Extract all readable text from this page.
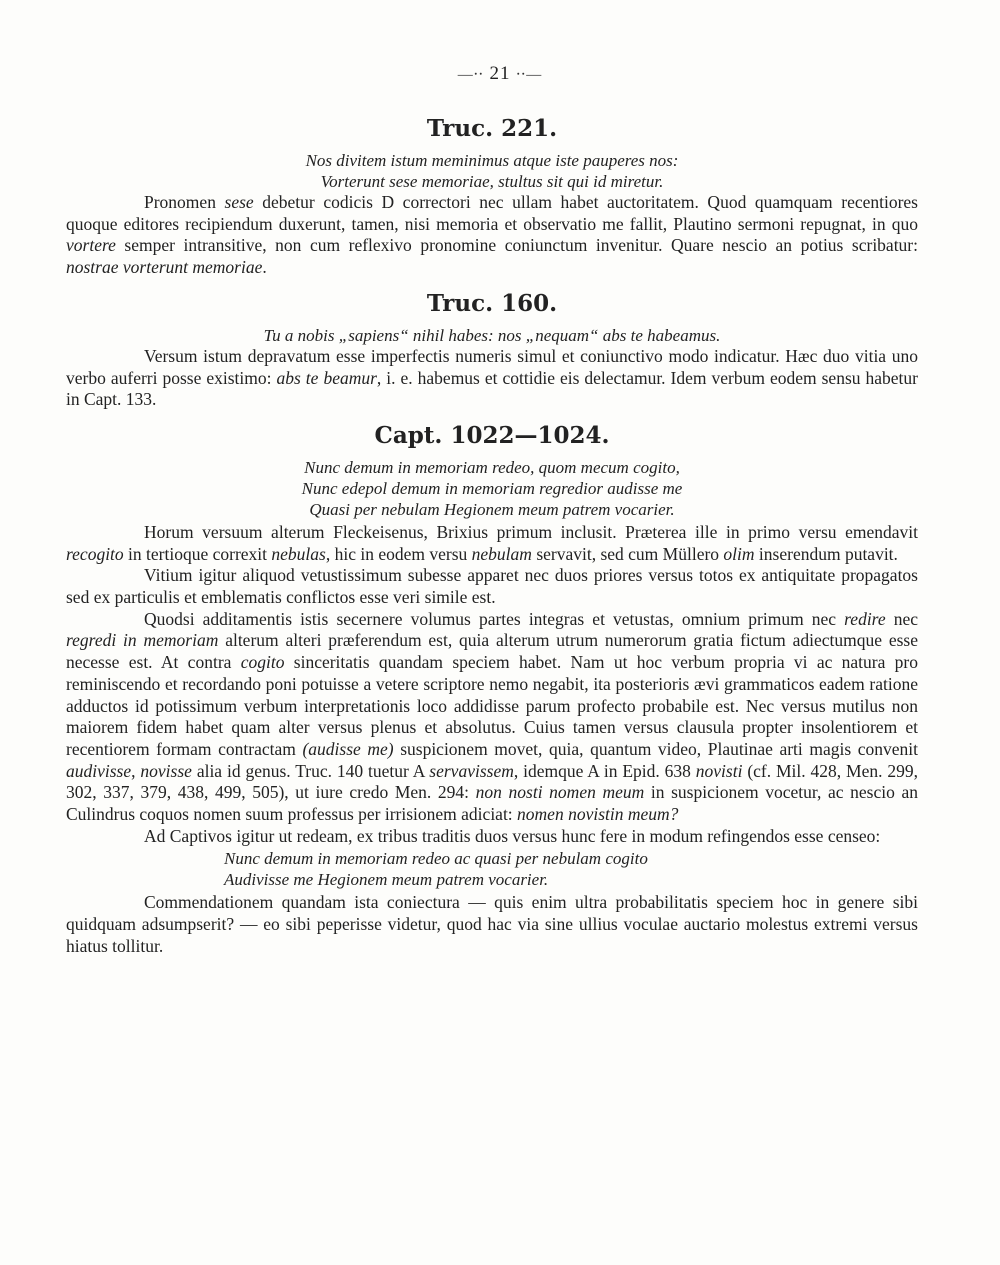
—⸱⸱ 21 ⸱⸱—
Truc. 221.
Nos divitem istum meminimus atque iste pauperes nos:
Vorterunt sese memoriae, stultus sit qui id miretur.

Pronomen sese debetur codicis D correctori nec ullam habet auctoritatem. Quod quamquam recentiores quoque editores recipiendum duxerunt, tamen, nisi memoria et observatio me fallit, Plautino sermoni repugnat, in quo vortere semper intransitive, non cum reflexivo pronomine coniunctum invenitur. Quare nescio an potius scribatur: nostrae vorterunt memoriae.

Truc. 160.
Tu a nobis „sapiens“ nihil habes: nos „nequam“ abs te habeamus.

Versum istum depravatum esse imperfectis numeris simul et coniunctivo modo indicatur. Hæc duo vitia uno verbo auferri posse existimo: abs te beamur, i. e. habemus et cottidie eis delectamur. Idem verbum eodem sensu habetur in Capt. 133.

Capt. 1022—1024.
Nunc demum in memoriam redeo, quom mecum cogito,
Nunc edepol demum in memoriam regredior audisse me
Quasi per nebulam Hegionem meum patrem vocarier.

Horum versuum alterum Fleckeisenus, Brixius primum inclusit. Præterea ille in primo versu emendavit recogito in tertioque correxit nebulas, hic in eodem versu nebulam servavit, sed cum Müllero olim inserendum putavit.

Vitium igitur aliquod vetustissimum subesse apparet nec duos priores versus totos ex antiquitate propagatos sed ex particulis et emblematis conflictos esse veri simile est.

Quodsi additamentis istis secernere volumus partes integras et vetustas, omnium primum nec redire nec regredi in memoriam alterum alteri præferendum est, quia alterum utrum numerorum gratia fictum adiectumque esse necesse est. At contra cogito sinceritatis quandam speciem habet. Nam ut hoc verbum propria vi ac natura pro reminiscendo et recordando poni potuisse a vetere scriptore nemo negabit, ita posterioris ævi grammaticos eadem ratione adductos id potissimum verbum interpretationis loco addidisse parum profecto probabile est. Nec versus mutilus non maiorem fidem habet quam alter versus plenus et absolutus. Cuius tamen versus clausula propter insolentiorem et recentiorem formam contractam (audisse me) suspicionem movet, quia, quantum video, Plautinae arti magis convenit audivisse, novisse alia id genus. Truc. 140 tuetur A servavissem, idemque A in Epid. 638 novisti (cf. Mil. 428, Men. 299, 302, 337, 379, 438, 499, 505), ut iure credo Men. 294: non nosti nomen meum in suspicionem vocetur, ac nescio an Culindrus coquos nomen suum professus per irrisionem adiciat: nomen novistin meum?

Ad Captivos igitur ut redeam, ex tribus traditis duos versus hunc fere in modum refingendos esse censeo:

Nunc demum in memoriam redeo ac quasi per nebulam cogito
Audivisse me Hegionem meum patrem vocarier.

Commendationem quandam ista coniectura — quis enim ultra probabilitatis speciem hoc in genere sibi quidquam adsumpserit? — eo sibi peperisse videtur, quod hac via sine ullius voculae auctario molestus extremi versus hiatus tollitur.
